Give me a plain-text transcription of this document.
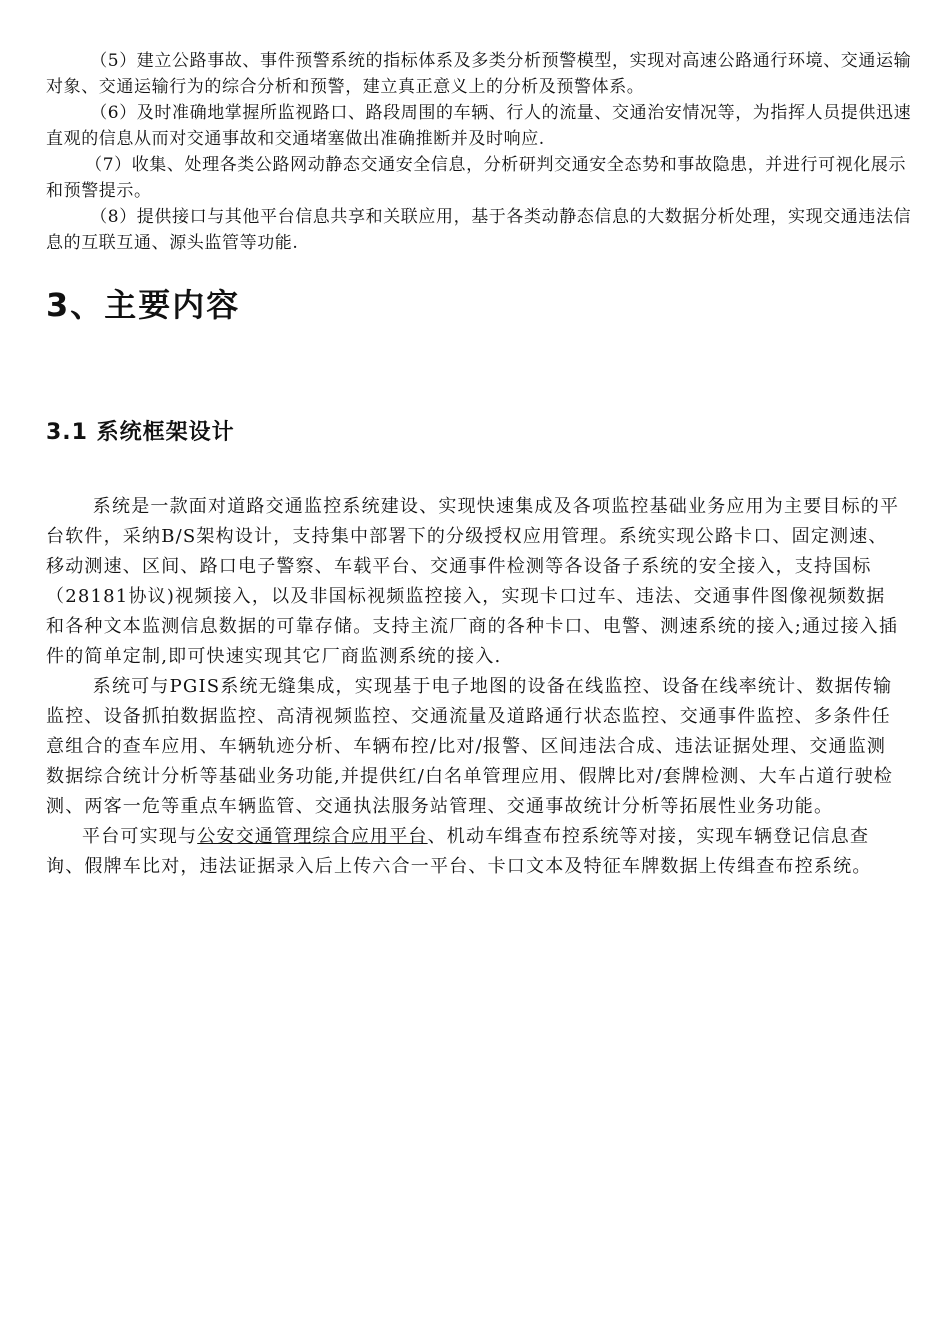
（5）建立公路事故、事件预警系统的指标体系及多类分析预警模型，实现对高速公路通行环境、交通运输对象、交通运输行为的综合分析和预警，建立真正意义上的分析及预警体系。

（6）及时准确地掌握所监视路口、路段周围的车辆、行人的流量、交通治安情况等，为指挥人员提供迅速直观的信息从而对交通事故和交通堵塞做出准确推断并及时响应.

（7）收集、处理各类公路网动静态交通安全信息，分析研判交通安全态势和事故隐患，并进行可视化展示和预警提示。

（8）提供接口与其他平台信息共享和关联应用，基于各类动静态信息的大数据分析处理，实现交通违法信息的互联互通、源头监管等功能.

3、主要内容
3.1 系统框架设计

系统是一款面对道路交通监控系统建设、实现快速集成及各项监控基础业务应用为主要目标的平台软件，采纳B/S架构设计，支持集中部署下的分级授权应用管理。系统实现公路卡口、固定测速、移动测速、区间、路口电子警察、车载平台、交通事件检测等各设备子系统的安全接入，支持国标（28181协议)视频接入，以及非国标视频监控接入，实现卡口过车、违法、交通事件图像视频数据和各种文本监测信息数据的可靠存储。支持主流厂商的各种卡口、电警、测速系统的接入;通过接入插件的简单定制,即可快速实现其它厂商监测系统的接入.

系统可与PGIS系统无缝集成，实现基于电子地图的设备在线监控、设备在线率统计、数据传输监控、设备抓拍数据监控、高清视频监控、交通流量及道路通行状态监控、交通事件监控、多条件任意组合的查车应用、车辆轨迹分析、车辆布控/比对/报警、区间违法合成、违法证据处理、交通监测数据综合统计分析等基础业务功能,并提供红/白名单管理应用、假牌比对/套牌检测、大车占道行驶检测、两客一危等重点车辆监管、交通执法服务站管理、交通事故统计分析等拓展性业务功能。

平台可实现与公安交通管理综合应用平台、机动车缉查布控系统等对接，实现车辆登记信息查询、假牌车比对，违法证据录入后上传六合一平台、卡口文本及特征车牌数据上传缉查布控系统。
